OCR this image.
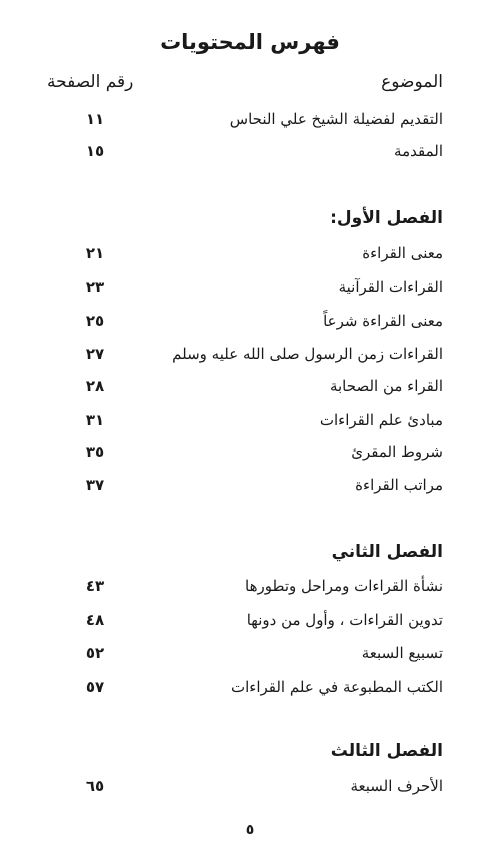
فهرس المحتويات
الموضوع
رقم الصفحة
التقديم لفضيلة الشيخ علي النحاس
١١
المقدمة
١٥
الفصل الأول:
معنى القراءة
٢١
القراءات القرآنية
٢٣
معنى القراءة شرعاً
٢٥
القراءات زمن الرسول صلى الله عليه وسلم
٢٧
القراء من الصحابة
٢٨
مبادئ علم القراءات
٣١
شروط المقرئ
٣٥
مراتب القراءة
٣٧
الفصل الثاني
نشأة القراءات ومراحل وتطورها
٤٣
تدوين القراءات ، وأول من دونها
٤٨
تسبيع السبعة
٥٢
الكتب المطبوعة في علم القراءات
٥٧
الفصل الثالث
الأحرف السبعة
٦٥
٥
